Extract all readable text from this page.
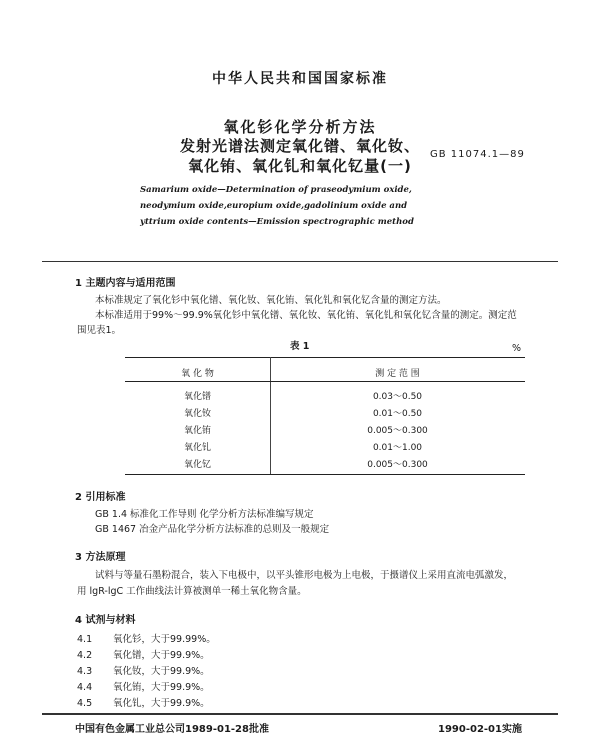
中华人民共和国国家标准
氧化钐化学分析方法
发射光谱法测定氧化镨、氧化钕、
氧化铕、氧化钆和氧化钇量(一)
GB 11074.1—89
Samarium oxide—Determination of praseodymium oxide,
neodymium oxide,europium oxide,gadolinium oxide and
yttrium oxide contents—Emission spectrographic method
1 主题内容与适用范围
本标准规定了氧化钐中氧化镨、氧化钕、氧化铕、氧化钆和氧化钇含量的测定方法。
本标准适用于99%～99.9%氧化钐中氧化镨、氧化钕、氧化铕、氧化钆和氧化钇含量的测定。测定范
围见表1。
表 1	%
氧 化 物	测 定 范 围
氧化镨	0.03～0.50
氧化钕	0.01～0.50
氧化铕	0.005～0.300
氧化钆	0.01～1.00
氧化钇	0.005～0.300
2 引用标准
GB 1.4 标准化工作导则 化学分析方法标准编写规定
GB 1467 冶金产品化学分析方法标准的总则及一般规定
3 方法原理
试料与等量石墨粉混合，装入下电极中，以平头锥形电极为上电极，于摄谱仪上采用直流电弧激发，
用 lgR-lgC 工作曲线法计算被测单一稀土氧化物含量。
4 试剂与材料
4.1 氧化钐，大于99.99%。
4.2 氧化镨，大于99.9%。
4.3 氧化钕，大于99.9%。
4.4 氧化铕，大于99.9%。
4.5 氧化钆，大于99.9%。
中国有色金属工业总公司1989-01-28批准	1990-02-01实施
